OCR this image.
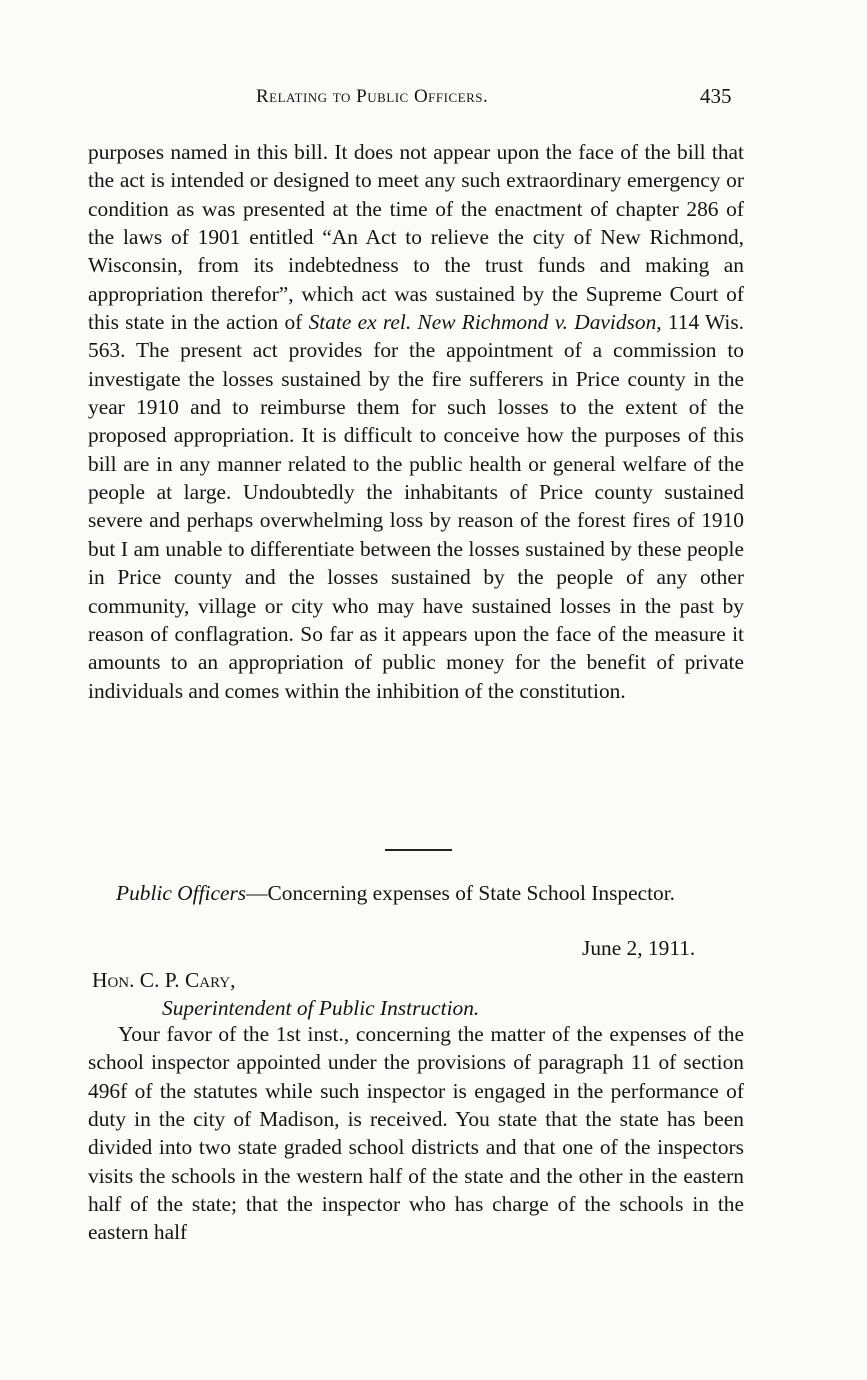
Relating to Public Officers.	435

purposes named in this bill. It does not appear upon the face of the bill that the act is intended or designed to meet any such extraordinary emergency or condition as was presented at the time of the enactment of chapter 286 of the laws of 1901 entitled “An Act to relieve the city of New Richmond, Wisconsin, from its indebtedness to the trust funds and making an appropriation therefor”, which act was sustained by the Supreme Court of this state in the action of State ex rel. New Richmond v. Davidson, 114 Wis. 563. The present act provides for the appointment of a commission to investigate the losses sustained by the fire sufferers in Price county in the year 1910 and to reimburse them for such losses to the extent of the proposed appropriation. It is difficult to conceive how the purposes of this bill are in any manner related to the public health or general welfare of the people at large. Undoubtedly the inhabitants of Price county sustained severe and perhaps overwhelming loss by reason of the forest fires of 1910 but I am unable to differentiate between the losses sustained by these people in Price county and the losses sustained by the people of any other community, village or city who may have sustained losses in the past by reason of conflagration. So far as it appears upon the face of the measure it amounts to an appropriation of public money for the benefit of private individuals and comes within the inhibition of the constitution.

Public Officers—Concerning expenses of State School Inspector.

June 2, 1911.
Hon. C. P. Cary,
Superintendent of Public Instruction.

Your favor of the 1st inst., concerning the matter of the expenses of the school inspector appointed under the provisions of paragraph 11 of section 496f of the statutes while such inspector is engaged in the performance of duty in the city of Madison, is received. You state that the state has been divided into two state graded school districts and that one of the inspectors visits the schools in the western half of the state and the other in the eastern half of the state; that the inspector who has charge of the schools in the eastern half
